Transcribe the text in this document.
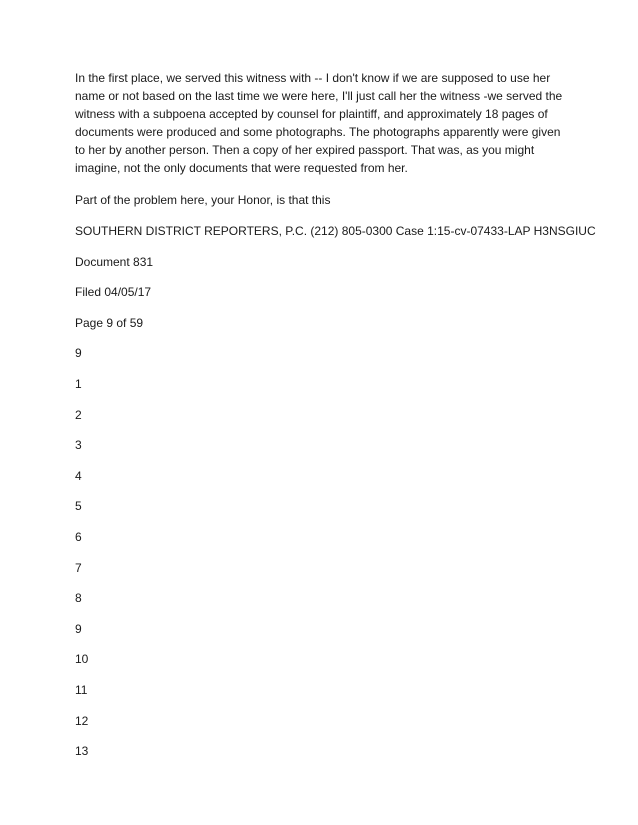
In the first place, we served this witness with -- I don't know if we are supposed to use her name or not based on the last time we were here, I'll just call her the witness -we served the witness with a subpoena accepted by counsel for plaintiff, and approximately 18 pages of documents were produced and some photographs. The photographs apparently were given to her by another person. Then a copy of her expired passport. That was, as you might imagine, not the only documents that were requested from her.

Part of the problem here, your Honor, is that this

SOUTHERN DISTRICT REPORTERS, P.C. (212) 805-0300 Case 1:15-cv-07433-LAP H3NSGIUC

Document 831

Filed 04/05/17

Page 9 of 59

9

1

2

3

4

5

6

7

8

9

10

11

12

13
